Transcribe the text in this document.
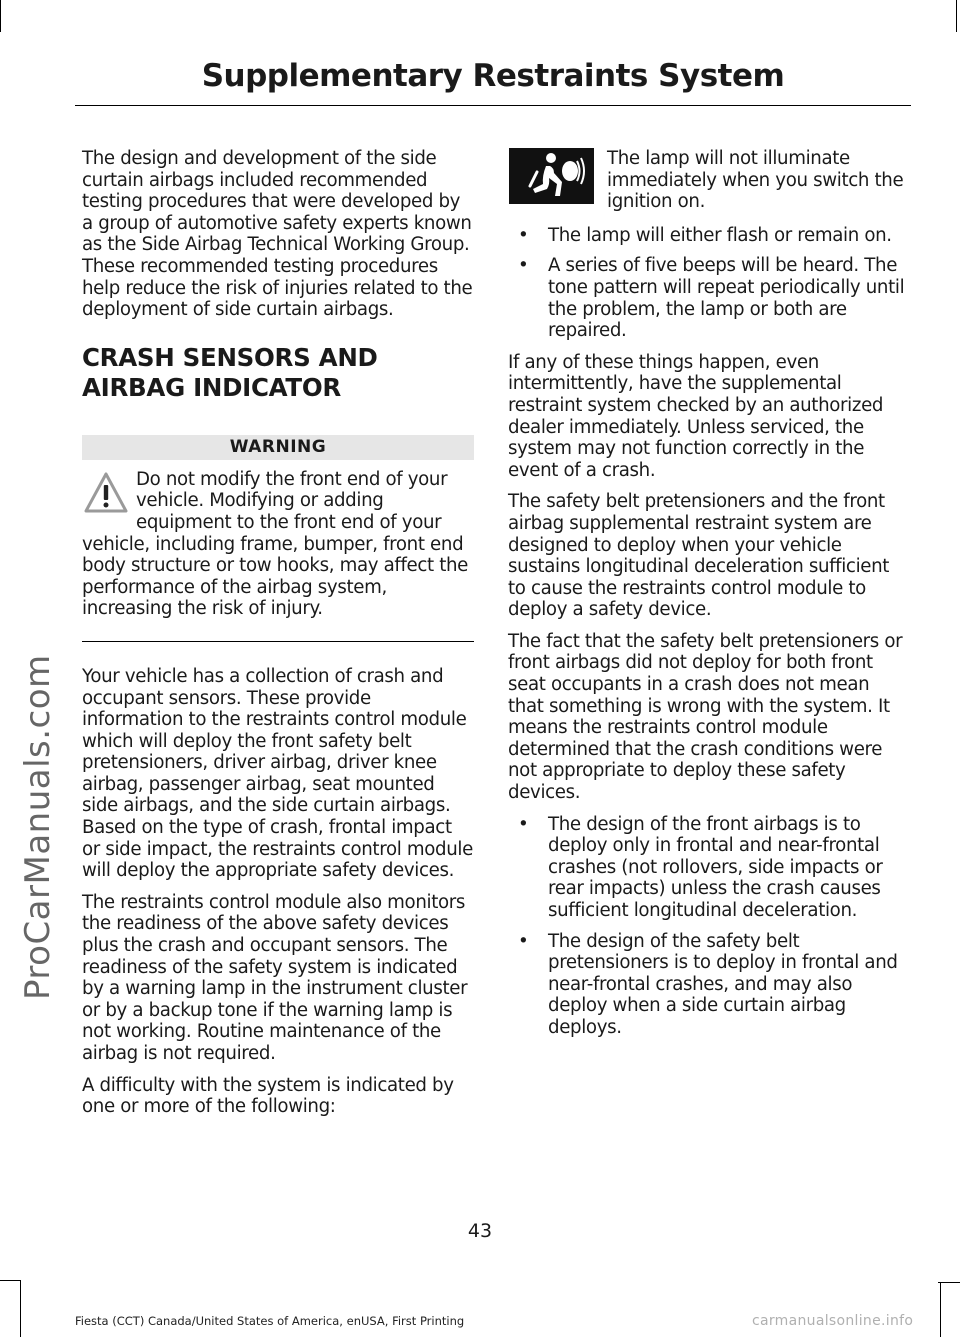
Supplementary Restraints System
ProCarManuals.com

The design and development of the side curtain airbags included recommended testing procedures that were developed by a group of automotive safety experts known as the Side Airbag Technical Working Group. These recommended testing procedures help reduce the risk of injuries related to the deployment of side curtain airbags.

CRASH SENSORS AND
AIRBAG INDICATOR
WARNING
Do not modify the front end of your vehicle. Modifying or adding equipment to the front end of your vehicle, including frame, bumper, front end body structure or tow hooks, may affect the performance of the airbag system, increasing the risk of injury.

Your vehicle has a collection of crash and occupant sensors. These provide information to the restraints control module which will deploy the front safety belt pretensioners, driver airbag, driver knee airbag, passenger airbag, seat mounted side airbags, and the side curtain airbags. Based on the type of crash, frontal impact or side impact, the restraints control module will deploy the appropriate safety devices.

The restraints control module also monitors the readiness of the above safety devices plus the crash and occupant sensors. The readiness of the safety system is indicated by a warning lamp in the instrument cluster or by a backup tone if the warning lamp is not working. Routine maintenance of the airbag is not required.

A difficulty with the system is indicated by one or more of the following:

The lamp will not illuminate immediately when you switch the ignition on.
• The lamp will either flash or remain on.
• A series of five beeps will be heard. The tone pattern will repeat periodically until the problem, the lamp or both are repaired.

If any of these things happen, even intermittently, have the supplemental restraint system checked by an authorized dealer immediately. Unless serviced, the system may not function correctly in the event of a crash.

The safety belt pretensioners and the front airbag supplemental restraint system are designed to deploy when your vehicle sustains longitudinal deceleration sufficient to cause the restraints control module to deploy a safety device.

The fact that the safety belt pretensioners or front airbags did not deploy for both front seat occupants in a crash does not mean that something is wrong with the system. It means the restraints control module determined that the crash conditions were not appropriate to deploy these safety devices.

• The design of the front airbags is to deploy only in frontal and near-frontal crashes (not rollovers, side impacts or rear impacts) unless the crash causes sufficient longitudinal deceleration.
• The design of the safety belt pretensioners is to deploy in frontal and near-frontal crashes, and may also deploy when a side curtain airbag deploys.
43
Fiesta (CCT) Canada/United States of America, enUSA, First Printing	carmanualsonline.info
